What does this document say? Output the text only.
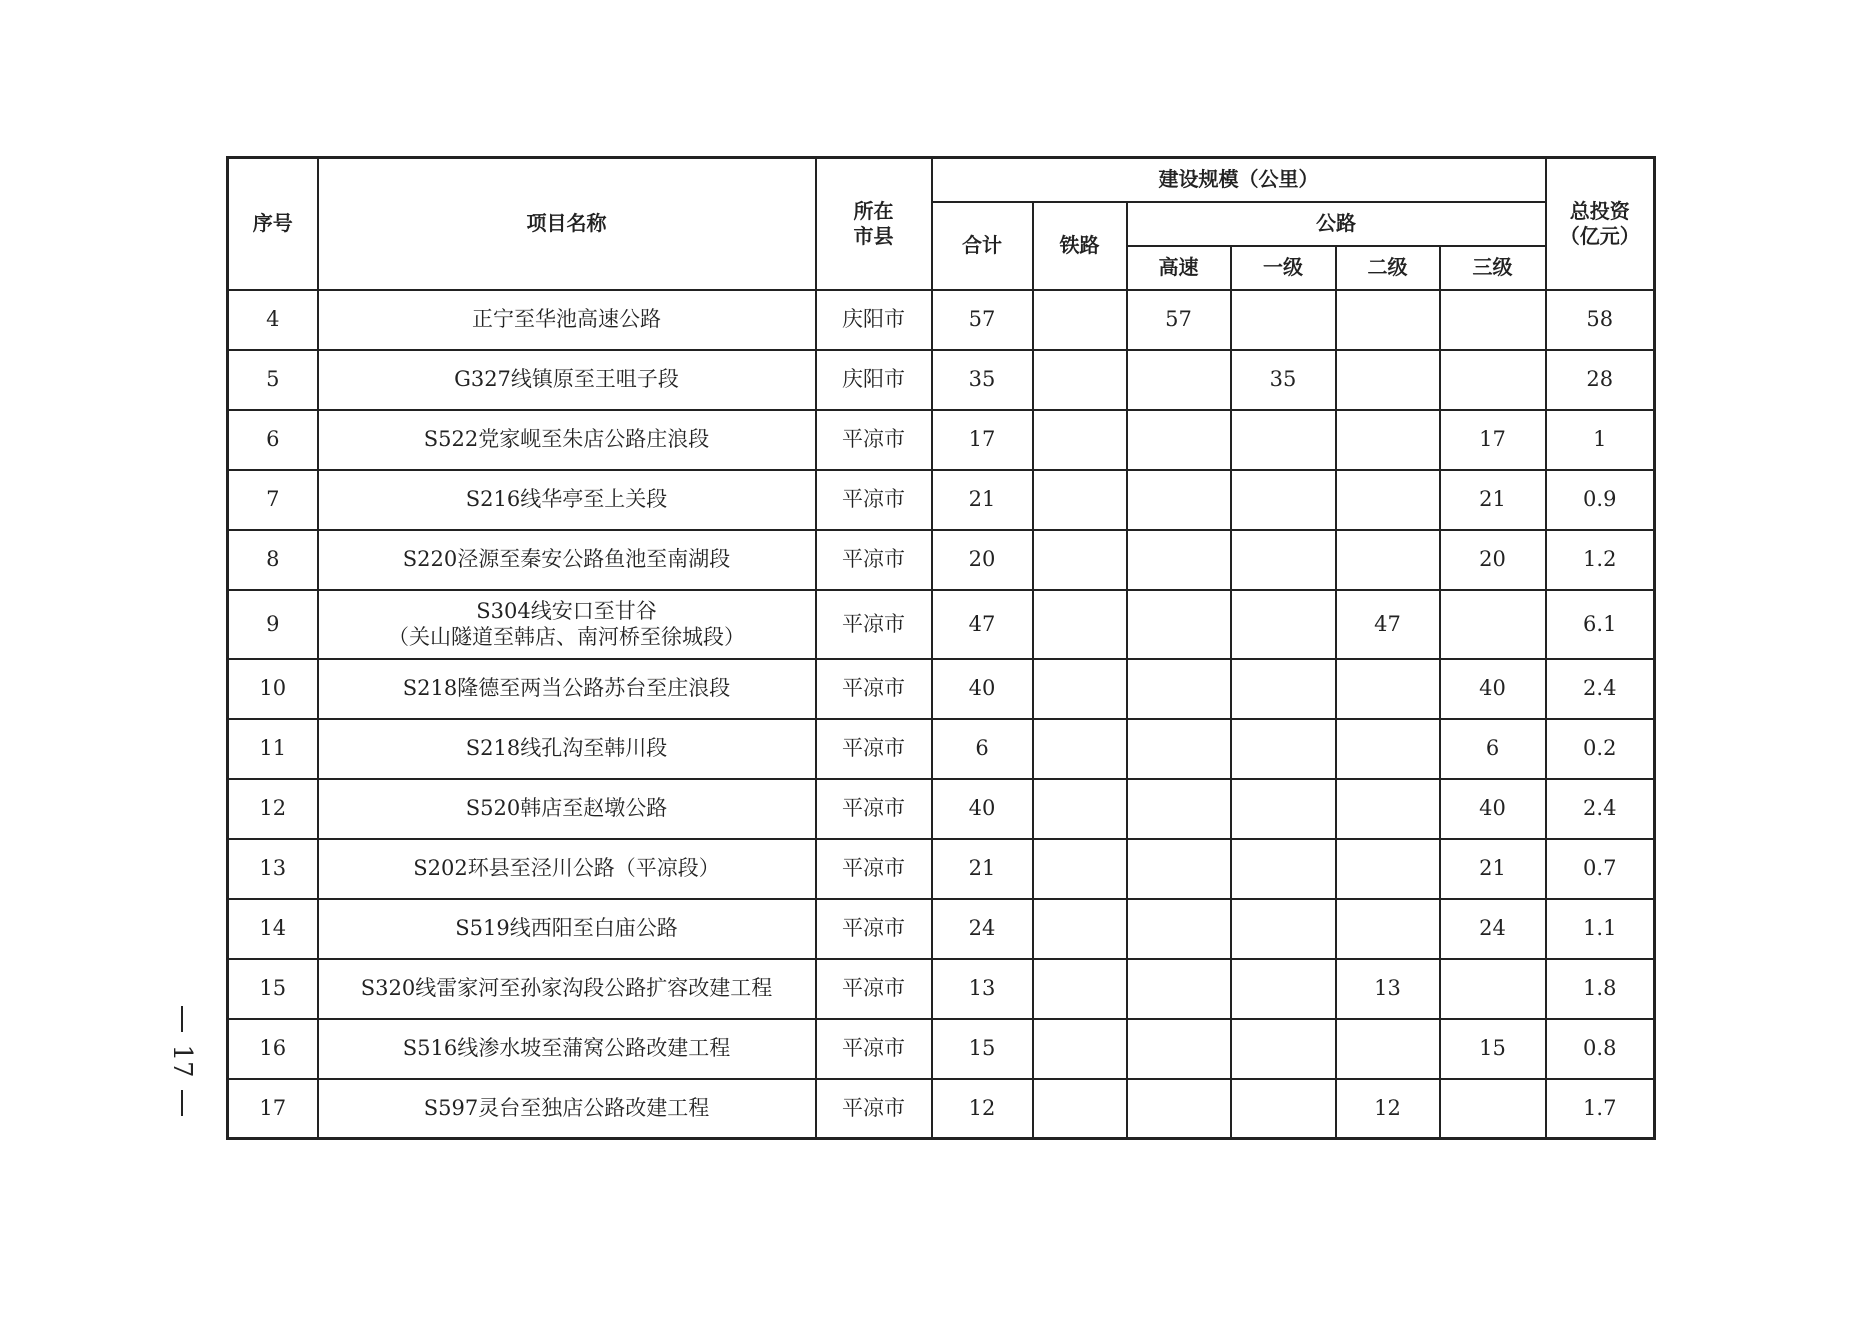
序号	项目名称	所在
市县	建设规模（公里）						总投资
（亿元）

			合计	铁路	公路				
					高速	一级	二级	三级	
4	正宁至华池高速公路	庆阳市	57		57				58
5	G327线镇原至王咀子段	庆阳市	35			35			28
6	S522党家岘至朱店公路庄浪段	平凉市	17					17	1
7	S216线华亭至上关段	平凉市	21					21	0.9
8	S220泾源至秦安公路鱼池至南湖段	平凉市	20					20	1.2
9	S304线安口至甘谷
（关山隧道至韩店、南河桥至徐城段）	平凉市	47				47		6.1
10	S218隆德至两当公路苏台至庄浪段	平凉市	40					40	2.4
11	S218线孔沟至韩川段	平凉市	6					6	0.2
12	S520韩店至赵墩公路	平凉市	40					40	2.4
13	S202环县至泾川公路（平凉段）	平凉市	21					21	0.7
14	S519线西阳至白庙公路	平凉市	24					24	1.1
15	S320线雷家河至孙家沟段公路扩容改建工程	平凉市	13				13		1.8
16	S516线渗水坡至蒲窝公路改建工程	平凉市	15					15	0.8
17	S597灵台至独店公路改建工程	平凉市	12				12		1.7
17
